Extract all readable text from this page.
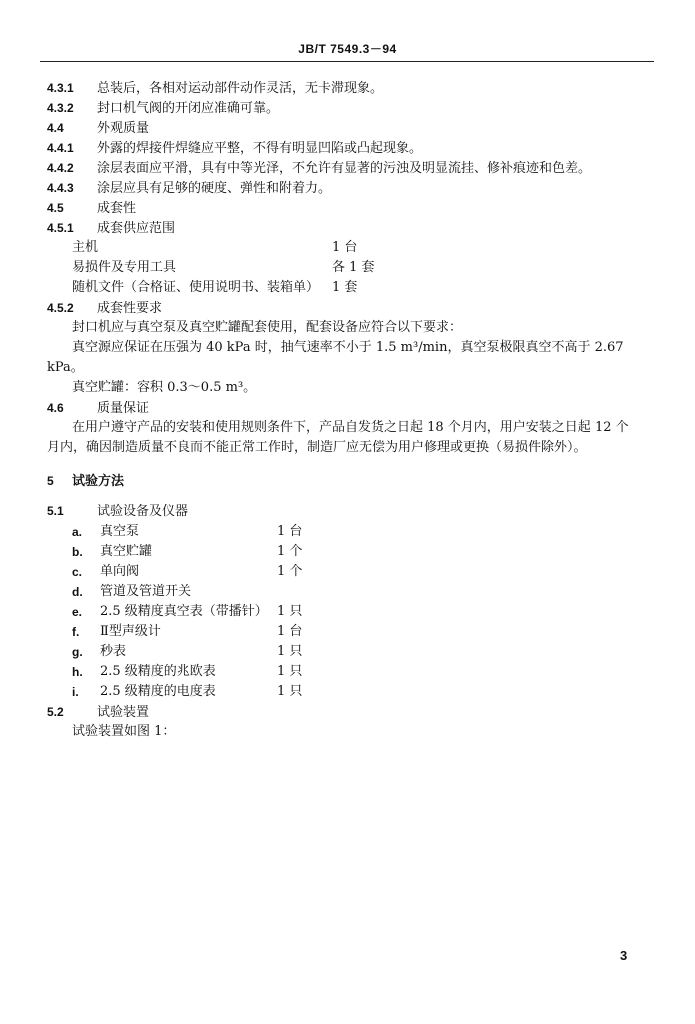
JB/T 7549.3－94
4.3.1 总装后，各相对运动部件动作灵活，无卡滞现象。
4.3.2 封口机气阀的开闭应准确可靠。
4.4	外观质量
4.4.1 外露的焊接件焊缝应平整，不得有明显凹陷或凸起现象。
4.4.2 涂层表面应平滑，具有中等光泽，不允许有显著的污浊及明显流挂、修补痕迹和色差。
4.4.3 涂层应具有足够的硬度、弹性和附着力。
4.5	成套性
4.5.1 成套供应范围
主机	1 台
易损件及专用工具	各 1 套
随机文件（合格证、使用说明书、装箱单） 1 套
4.5.2 成套性要求
封口机应与真空泵及真空贮罐配套使用，配套设备应符合以下要求：
真空源应保证在压强为 40 kPa 时，抽气速率不小于 1.5 m³/min，真空泵极限真空不高于 2.67
kPa。
真空贮罐：容积 0.3～0.5 m³。
4.6	质量保证
在用户遵守产品的安装和使用规则条件下，产品自发货之日起 18 个月内，用户安装之日起 12 个
月内，确因制造质量不良而不能正常工作时，制造厂应无偿为用户修理或更换（易损件除外）。
5 试验方法
5.1	试验设备及仪器
a. 真空泵	1 台
b. 真空贮罐	1 个
c. 单向阀	1 个
d. 管道及管道开关
e. 2.5 级精度真空表（带播针） 1 只
f. Ⅱ型声级计	1 台
g. 秒表	1 只
h. 2.5 级精度的兆欧表	1 只
i. 2.5 级精度的电度表	1 只
5.2	试验装置
试验装置如图 1：
3
